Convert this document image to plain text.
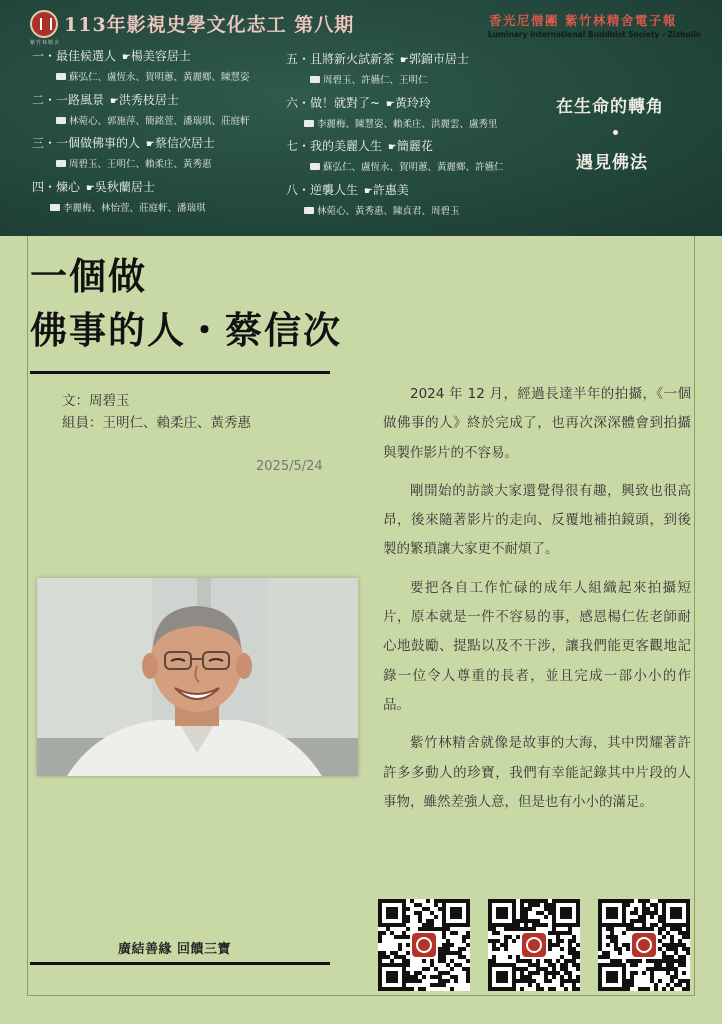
紫竹林精舍
113年影視史學文化志工 第八期	香光尼僧團 紫竹林精舍電子報
Luminary International Buddhist Society - Zizhulin
一・最佳候選人 ☛楊美容居士
蘇弘仁、盧恆永、賀明蕙、黃麗鄉、陳慧姿
二・一路風景 ☛洪秀枝居士
林菀心、郭施萍、簡銘萱、潘瑞琪、莊庭軒
三・一個做佛事的人 ☛蔡信次居士
周碧玉、王明仁、賴柔庄、黃秀惠
四・煉心 ☛吳秋蘭居士
李麗梅、林怡萱、莊庭軒、潘瑞琪
五・且將新火試新茶 ☛郭錦市居士
周碧玉、許嬿仁、王明仁
六・做！就對了~ ☛黃玲玲
李麗梅、陳慧姿、賴柔庄、洪麗雲、盧秀里
七・我的美麗人生 ☛簡麗花
蘇弘仁、盧恆永、賀明蕙、黃麗鄉、許嬿仁
八・逆襲人生 ☛許惠美
林菀心、黃秀惠、陳貞君、周碧玉
在生命的轉角
遇見佛法
一個做
佛事的人・蔡信次
文：周碧玉
組員：王明仁、賴柔庄、黃秀惠
2025/5/24

2024 年 12 月，經過長達半年的拍攝，《一個做佛事的人》終於完成了，也再次深深體會到拍攝與製作影片的不容易。

剛開始的訪談大家還覺得很有趣，興致也很高昂，後來隨著影片的走向、反覆地補拍鏡頭，到後製的繁瑣讓大家更不耐煩了。

要把各自工作忙碌的成年人組織起來拍攝短片，原本就是一件不容易的事，感恩楊仁佐老師耐心地鼓勵、提點以及不干涉，讓我們能更客觀地記錄一位令人尊重的長者，並且完成一部小小的作品。

紫竹林精舍就像是故事的大海，其中閃耀著許許多多動人的珍寶，我們有幸能記錄其中片段的人事物，雖然差強人意，但是也有小小的滿足。

廣結善緣 回饋三寶
